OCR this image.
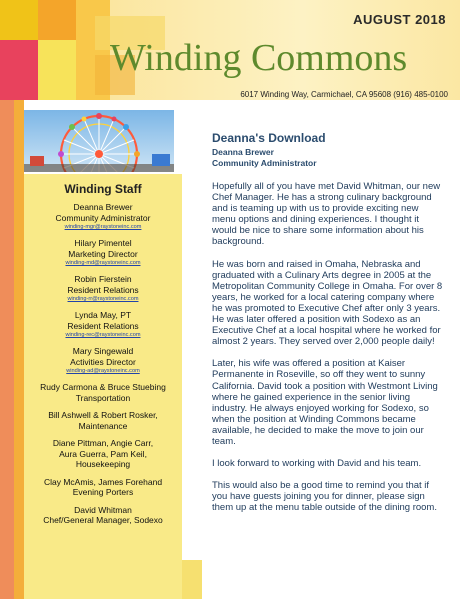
AUGUST 2018
Winding Commons
6017 Winding Way, Carmichael, CA 95608 (916) 485-0100
Winding Staff
Deanna Brewer
Community Administrator
winding-mgr@raystoneinc.com
Hilary Pimentel
Marketing Director
winding-md@raystoneinc.com
Robin Fierstein
Resident Relations
winding-rr@raystoneinc.com
Lynda May, PT
Resident Relations
winding-rec@raystoneinc.com
Mary Singewald
Activities Director
winding-ad@raystoneinc.com
Rudy Carmona & Bruce Stuebing
Transportation
Bill Ashwell & Robert Rosker,
Maintenance
Diane Pittman, Angie Carr,
Aura Guerra, Pam Keil,
Housekeeping
Clay McAmis, James Forehand
Evening Porters
David Whitman
Chef/General Manager, Sodexo
Deanna's Download
Deanna Brewer
Community Administrator

Hopefully all of you have met David Whitman, our new Chef Manager. He has a strong culinary background and is teaming up with us to provide exciting new menu options and dining experiences. I thought it would be nice to share some information about his background.

He was born and raised in Omaha, Nebraska and graduated with a Culinary Arts degree in 2005 at the Metropolitan Community College in Omaha. For over 8 years, he worked for a local catering company where he was promoted to Executive Chef after only 3 years. He was later offered a position with Sodexo as an Executive Chef at a local hospital where he worked for almost 2 years. They served over 2,000 people daily!

Later, his wife was offered a position at Kaiser Permanente in Roseville, so off they went to sunny California. David took a position with Westmont Living where he gained experience in the senior living industry. He always enjoyed working for Sodexo, so when the position at Winding Commons became available, he decided to make the move to join our team.

I look forward to working with David and his team.

This would also be a good time to remind you that if you have guests joining you for dinner, please sign them up at the menu table outside of the dining room.
